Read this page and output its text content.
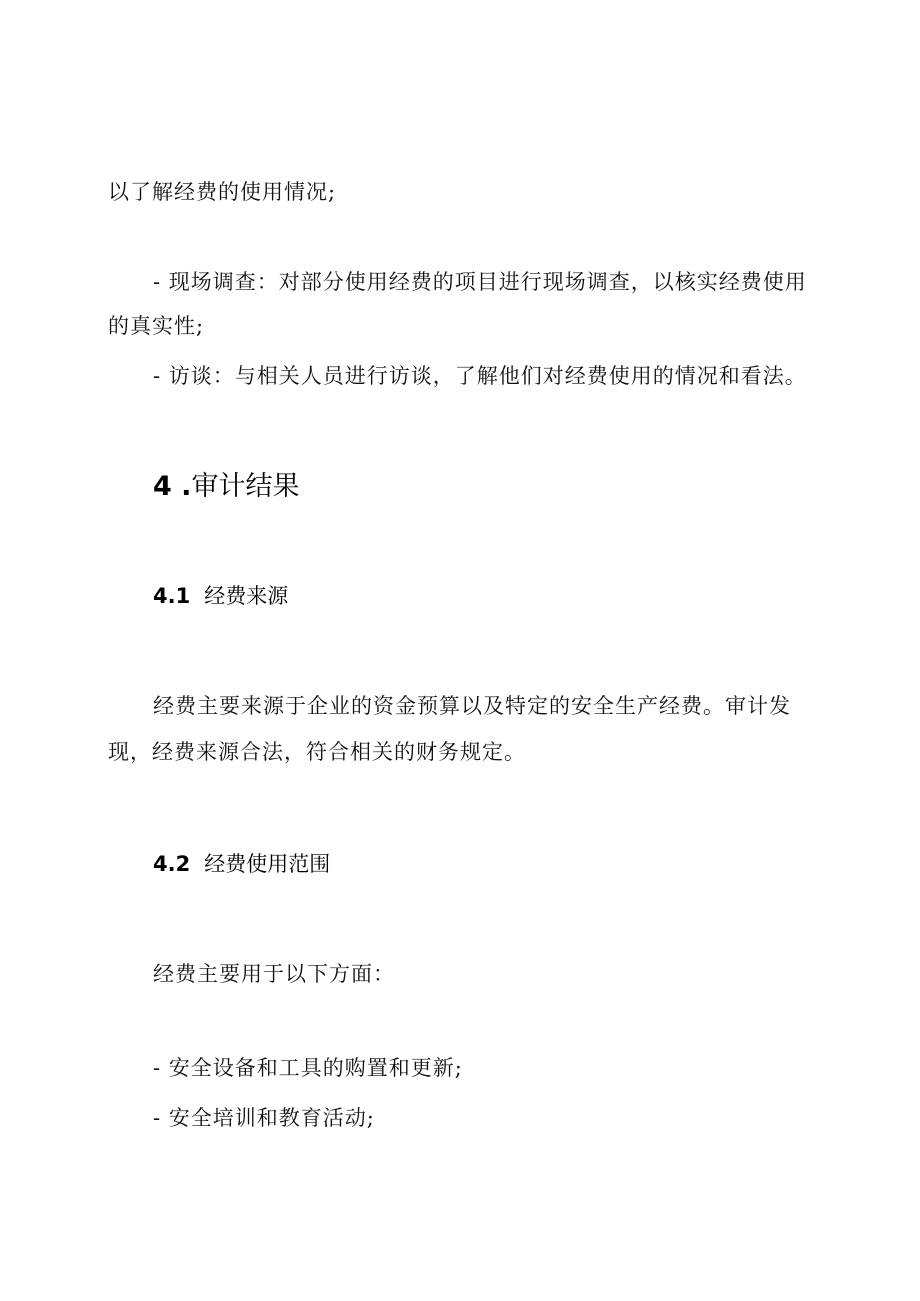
以了解经费的使用情况;
- 现场调查：对部分使用经费的项目进行现场调查，以核实经费使用
的真实性;
- 访谈：与相关人员进行访谈，了解他们对经费使用的情况和看法。
4 .审计结果
4.1 经费来源
经费主要来源于企业的资金预算以及特定的安全生产经费。审计发
现，经费来源合法，符合相关的财务规定。
4.2 经费使用范围
经费主要用于以下方面：
- 安全设备和工具的购置和更新;
- 安全培训和教育活动;
